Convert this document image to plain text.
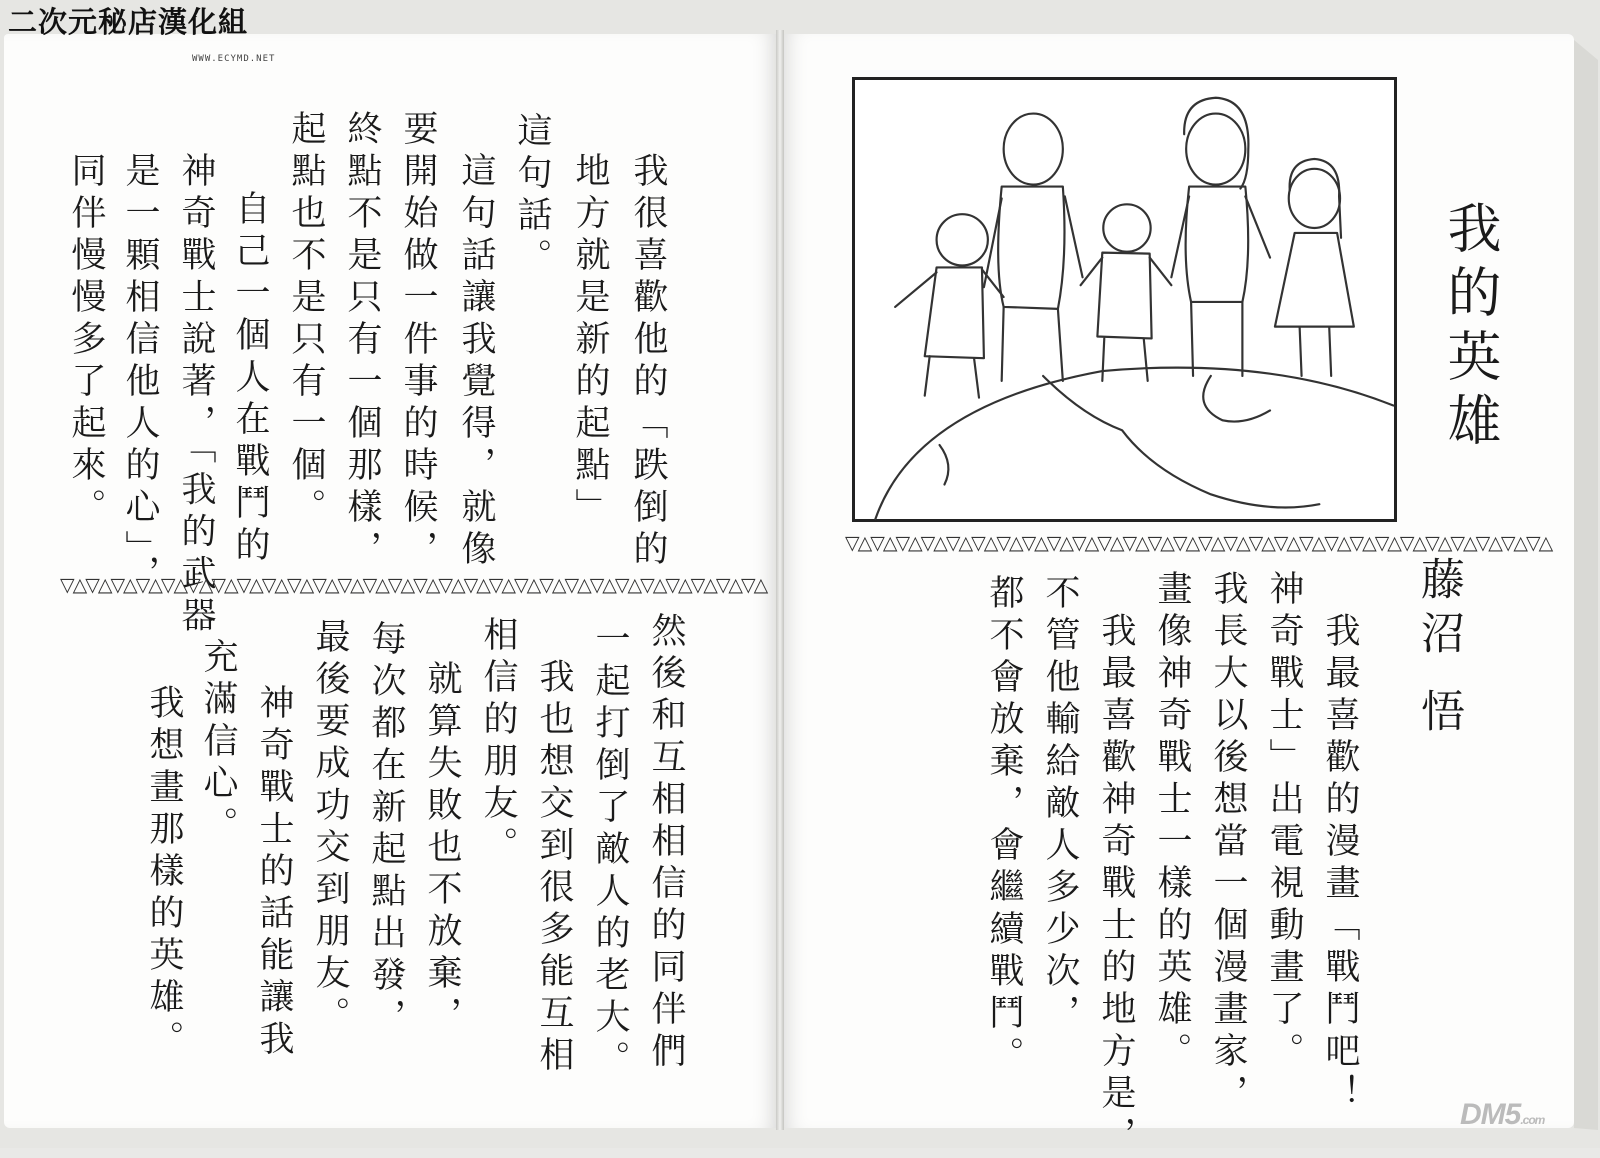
二次元秘店漢化組
WWW.ECYMD.NET
我很喜歡他的「跌倒的
地方就是新的起點」
這句話。
這句話讓我覺得，就像
要開始做一件事的時候，
終點不是只有一個那樣，
起點也不是只有一個。
自己一個人在戰鬥的
神奇戰士說著，「我的武器
是一顆相信他人的心」，
同伴慢慢多了起來。
▽△▽△▽△▽△▽△▽△▽△▽△▽△▽△▽△▽△▽△▽△▽△▽△▽△▽△▽△▽△▽△▽△▽△▽△▽△▽△▽△▽△
然後和互相相信的同伴們
一起打倒了敵人的老大。
我也想交到很多能互相
相信的朋友。
就算失敗也不放棄，
每次都在新起點出發，
最後要成功交到朋友。
神奇戰士的話能讓我
充滿信心。
我想畫那樣的英雄。
▽△▽△▽△▽△▽△▽△▽△▽△▽△▽△▽△▽△▽△▽△▽△▽△▽△▽△▽△▽△▽△▽△▽△▽△▽△▽△▽△▽△
我的英雄
藤沼 悟
我最喜歡的漫畫「戰鬥吧！
神奇戰士」出電視動畫了。
我長大以後想當一個漫畫家，
畫像神奇戰士一樣的英雄。
我最喜歡神奇戰士的地方是，
不管他輸給敵人多少次，
都不會放棄，會繼續戰鬥。
DM5.com
